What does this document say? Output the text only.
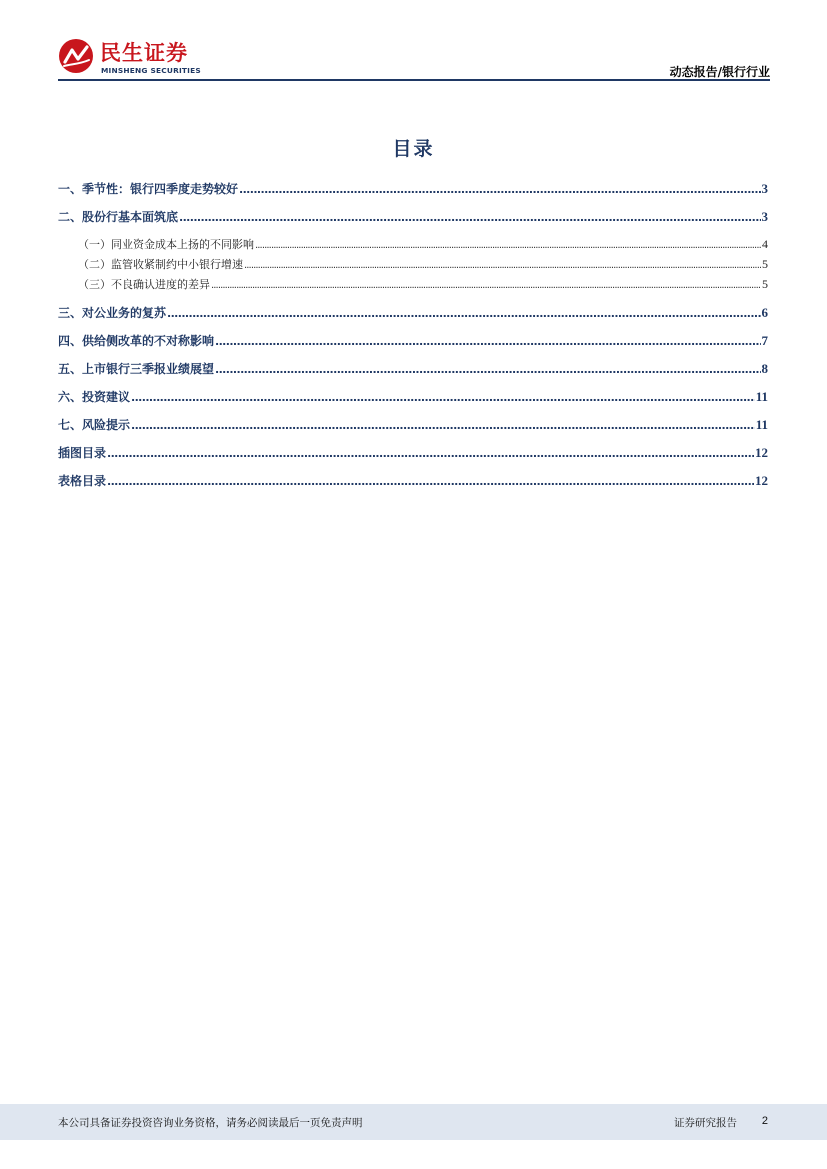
民生证券
MINSHENG SECURITIES	动态报告/银行行业
目录
一、季节性：银行四季度走势较好 .....	3
二、股份行基本面筑底 .....	3
（一）同业资金成本上扬的不同影响 .....	4
（二）监管收紧制约中小银行增速 .....	5
（三）不良确认进度的差异 .....	5
三、对公业务的复苏 .....	6
四、供给侧改革的不对称影响 .....	7
五、上市银行三季报业绩展望 .....	8
六、投资建议 .....	11
七、风险提示 .....	11
插图目录 .....	12
表格目录 .....	12
本公司具备证券投资咨询业务资格，请务必阅读最后一页免责声明	证券研究报告 2
